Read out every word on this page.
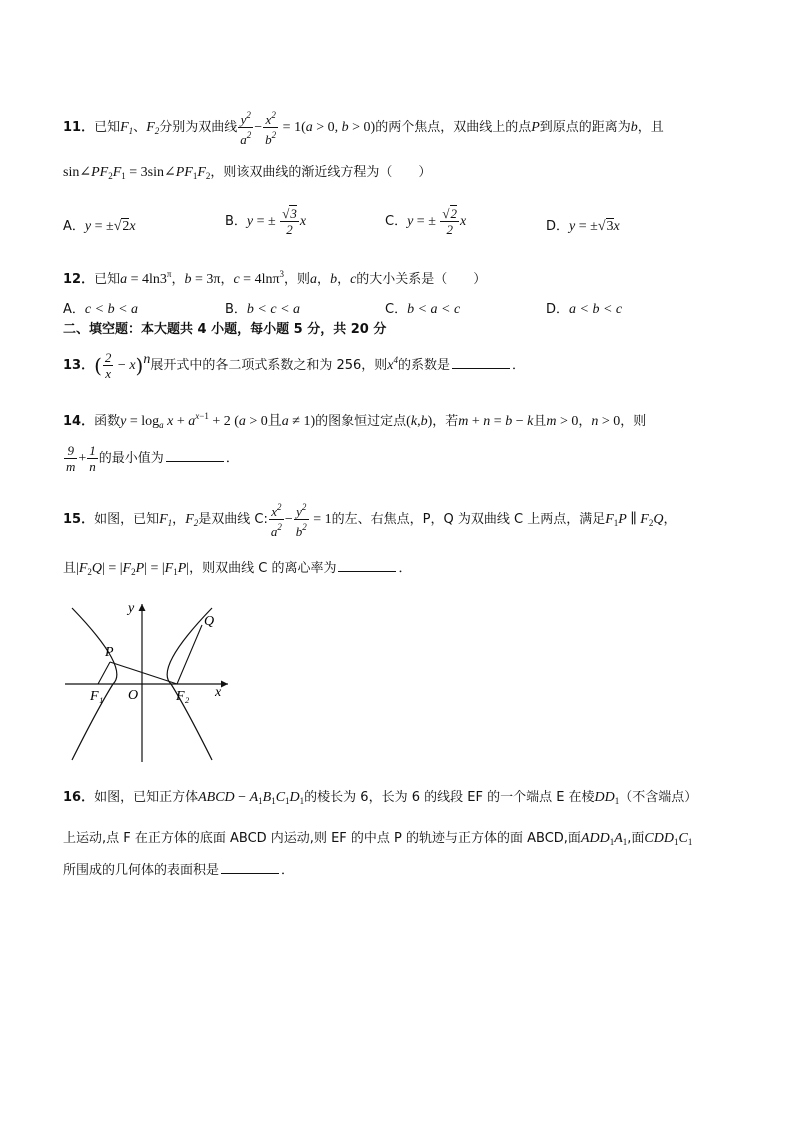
11．已知$F_1$、$F_2$分别为双曲线 $\frac{y^2}{a^2} - \frac{x^2}{b^2} = 1(a > 0$, b > 0)的两个焦点，双曲线上的点P到原点的距离为b，且
$\sin\angle PF_2F_1$ = $3\sin\angle PF_1F_2$，则该双曲线的渐近线方程为（　　）
A．y = ±√2x	B．y = ± $\frac{√3}{2}$ x	C．y = ± $\frac{√2}{2}$ x	D．y = ±√3x
12．已知$a = 4\ln 3^\pi$，b = 3π，c = 4lnπ$^3$，则a，b，c的大小关系是（　　）
A．c < b < a	B．b < c < a	C．b < a < c	D．a < b < c
二、填空题：本大题共 4 小题，每小题 5 分，共 20 分
13．( $\frac{2}{x} - x)^n$展开式中的各二项式系数之和为 256，则$x^4$的系数是	．
14．函数$y = \log_a x + a^{x-1} + 2$ (a > 0且a ≠ 1)的图象恒过定点(k,b)，若m + n = b − k且m > 0，n > 0，则
$\frac{9}{m} + \frac{1}{n}$ 的最小值为	．
15．如图，已知$F_1$，$F_2$是双曲线 C: $\frac{x^2}{a^2} - \frac{y^2}{b^2} = 1$的左、右焦点，P，Q 为双曲线 C 上两点，满足$F_1P$ ∥ $F_2Q$，
且$|F_2Q| = |F_2P| = |F_1P|$，则双曲线 C 的离心率为	．
P
Q
y
x
O
F₁	F₂
16．如图，已知正方体ABCD − $A_1B_1C_1D_1$的棱长为 6，长为 6 的线段 EF 的一个端点 E 在棱$DD_1$（不含端点）
上运动,点 F 在正方体的底面 ABCD 内运动,则 EF 的中点 P 的轨迹与正方体的面 ABCD,面$ADD_1A_1$,面$CDD_1C_1$
所围成的几何体的表面积是	．
